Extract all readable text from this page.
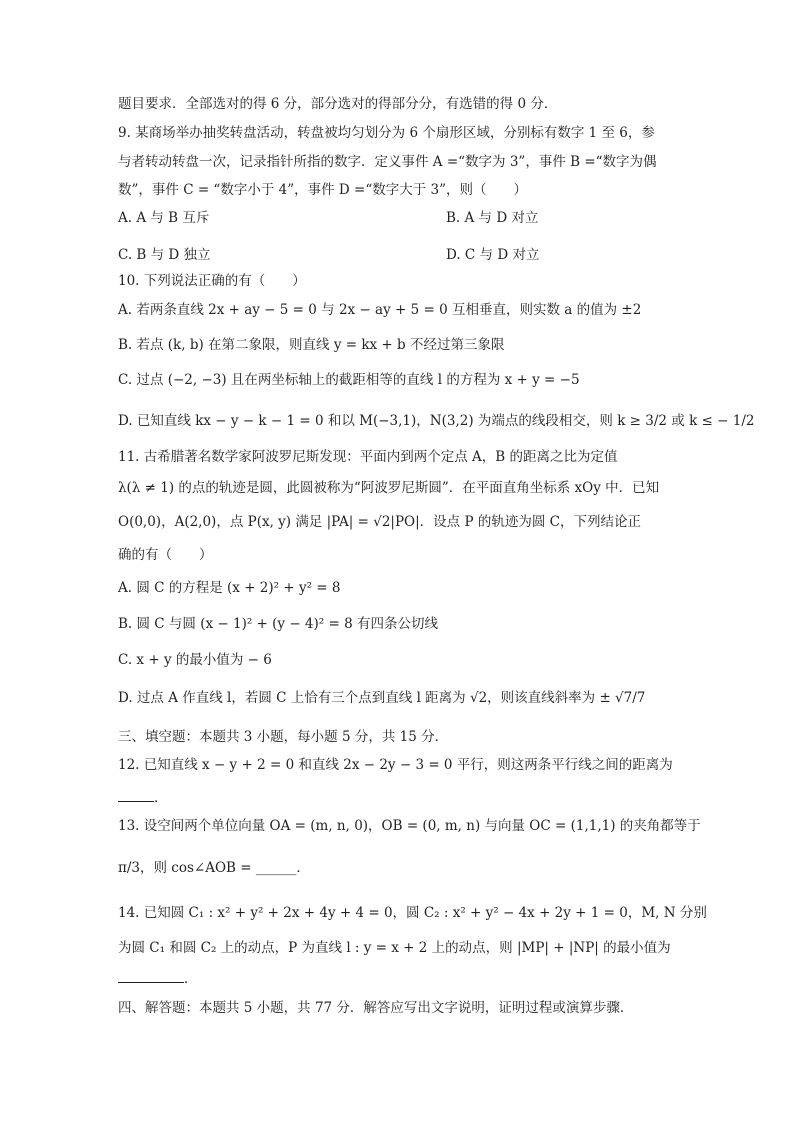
题目要求．全部选对的得 6 分，部分选对的得部分分，有选错的得 0 分．
9. 某商场举办抽奖转盘活动，转盘被均匀划分为 6 个扇形区域，分别标有数字 1 至 6，参
与者转动转盘一次，记录指针所指的数字．定义事件 A =“数字为 3”，事件 B =“数字为偶
数”，事件 C = “数字小于 4”，事件 D =“数字大于 3”，则（　　）
A. A 与 B 互斥	B. A 与 D 对立
C. B 与 D 独立	D. C 与 D 对立
10. 下列说法正确的有（　　）
A. 若两条直线 2x + ay − 5 = 0 与 2x − ay + 5 = 0 互相垂直，则实数 a 的值为 ±2
B. 若点 (k, b) 在第二象限，则直线 y = kx + b 不经过第三象限
C. 过点 (−2, −3) 且在两坐标轴上的截距相等的直线 l 的方程为 x + y = −5
D. 已知直线 kx − y − k − 1 = 0 和以 M(−3,1)，N(3,2) 为端点的线段相交，则 k ≥ 3/2 或 k ≤ − 1/2
11. 古希腊著名数学家阿波罗尼斯发现：平面内到两个定点 A，B 的距离之比为定值
λ(λ ≠ 1) 的点的轨迹是圆，此圆被称为“阿波罗尼斯圆”．在平面直角坐标系 xOy 中．已知
O(0,0)，A(2,0)，点 P(x, y) 满足 |PA| = √2|PO|．设点 P 的轨迹为圆 C，下列结论正
确的有（　　）
A. 圆 C 的方程是 (x + 2)² + y² = 8
B. 圆 C 与圆 (x − 1)² + (y − 4)² = 8 有四条公切线
C. x + y 的最小值为 − 6
D. 过点 A 作直线 l，若圆 C 上恰有三个点到直线 l 距离为 √2，则该直线斜率为 ± √7/7
三、填空题：本题共 3 小题，每小题 5 分，共 15 分．
12. 已知直线 x − y + 2 = 0 和直线 2x − 2y − 3 = 0 平行，则这两条平行线之间的距离为
．
13. 设空间两个单位向量 OA = (m, n, 0)，OB = (0, m, n) 与向量 OC = (1,1,1) 的夹角都等于
π/3，则 cos∠AOB = ______．
14. 已知圆 C₁ : x² + y² + 2x + 4y + 4 = 0，圆 C₂ : x² + y² − 4x + 2y + 1 = 0，M, N 分别
为圆 C₁ 和圆 C₂ 上的动点，P 为直线 l : y = x + 2 上的动点，则 |MP| + |NP| 的最小值为
．
四、解答题：本题共 5 小题，共 77 分．解答应写出文字说明，证明过程或演算步骤．
